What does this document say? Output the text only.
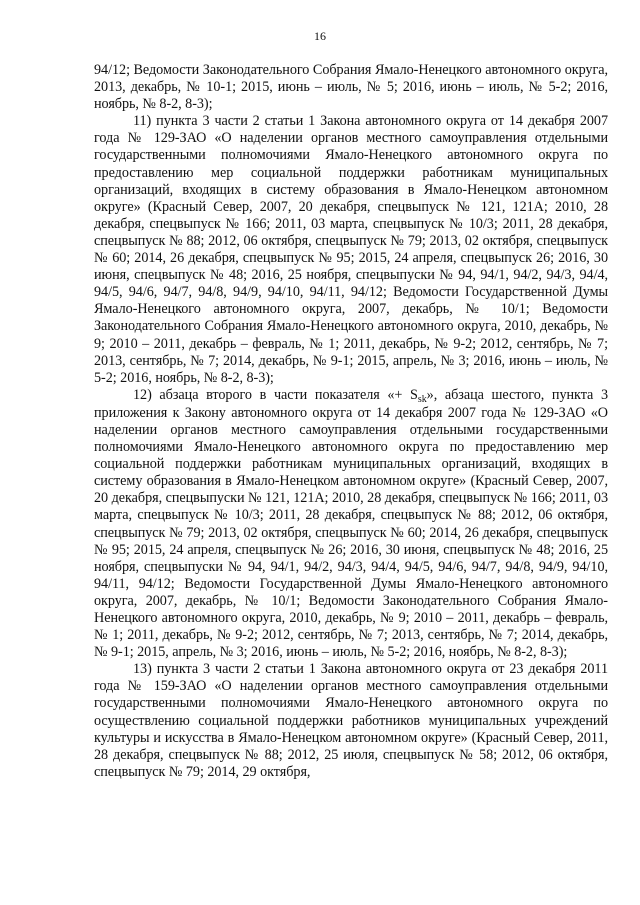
16

94/12; Ведомости Законодательного Собрания Ямало-Ненецкого автономного округа, 2013, декабрь, № 10-1; 2015, июнь – июль, № 5; 2016, июнь – июль, № 5-2; 2016, ноябрь, № 8-2, 8-3);

11) пункта 3 части 2 статьи 1 Закона автономного округа от 14 декабря 2007 года № 129-ЗАО «О наделении органов местного самоуправления отдельными государственными полномочиями Ямало-Ненецкого автономного округа по предоставлению мер социальной поддержки работникам муниципальных организаций, входящих в систему образования в Ямало-Ненецком автономном округе» (Красный Север, 2007, 20 декабря, спецвыпуск № 121, 121А; 2010, 28 декабря, спецвыпуск № 166; 2011, 03 марта, спецвыпуск № 10/3; 2011, 28 декабря, спецвыпуск № 88; 2012, 06 октября, спецвыпуск № 79; 2013, 02 октября, спецвыпуск № 60; 2014, 26 декабря, спецвыпуск № 95; 2015, 24 апреля, спецвыпуск 26; 2016, 30 июня, спецвыпуск № 48; 2016, 25 ноября, спецвыпуски № 94, 94/1, 94/2, 94/3, 94/4, 94/5, 94/6, 94/7, 94/8, 94/9, 94/10, 94/11, 94/12; Ведомости Государственной Думы Ямало-Ненецкого автономного округа, 2007, декабрь, № 10/1; Ведомости Законодательного Собрания Ямало-Ненецкого автономного округа, 2010, декабрь, № 9; 2010 – 2011, декабрь – февраль, № 1; 2011, декабрь, № 9-2; 2012, сентябрь, № 7; 2013, сентябрь, № 7; 2014, декабрь, № 9-1; 2015, апрель, № 3; 2016, июнь – июль, № 5-2; 2016, ноябрь, № 8-2, 8-3);

12) абзаца второго в части показателя «+ $S_{sk}$», абзаца шестого, пункта 3 приложения к Закону автономного округа от 14 декабря 2007 года № 129-ЗАО «О наделении органов местного самоуправления отдельными государственными полномочиями Ямало-Ненецкого автономного округа по предоставлению мер социальной поддержки работникам муниципальных организаций, входящих в систему образования в Ямало-Ненецком автономном округе» (Красный Север, 2007, 20 декабря, спецвыпуски № 121, 121А; 2010, 28 декабря, спецвыпуск № 166; 2011, 03 марта, спецвыпуск № 10/3; 2011, 28 декабря, спецвыпуск № 88; 2012, 06 октября, спецвыпуск № 79; 2013, 02 октября, спецвыпуск № 60; 2014, 26 декабря, спецвыпуск № 95; 2015, 24 апреля, спецвыпуск № 26; 2016, 30 июня, спецвыпуск № 48; 2016, 25 ноября, спецвыпуски № 94, 94/1, 94/2, 94/3, 94/4, 94/5, 94/6, 94/7, 94/8, 94/9, 94/10, 94/11, 94/12; Ведомости Государственной Думы Ямало-Ненецкого автономного округа, 2007, декабрь, № 10/1; Ведомости Законодательного Собрания Ямало-Ненецкого автономного округа, 2010, декабрь, № 9; 2010 – 2011, декабрь – февраль, № 1; 2011, декабрь, № 9-2; 2012, сентябрь, № 7; 2013, сентябрь, № 7; 2014, декабрь, № 9-1; 2015, апрель, № 3; 2016, июнь – июль, № 5-2; 2016, ноябрь, № 8-2, 8-3);

13) пункта 3 части 2 статьи 1 Закона автономного округа от 23 декабря 2011 года № 159-ЗАО «О наделении органов местного самоуправления отдельными государственными полномочиями Ямало-Ненецкого автономного округа по осуществлению социальной поддержки работников муниципальных учреждений культуры и искусства в Ямало-Ненецком автономном округе» (Красный Север, 2011, 28 декабря, спецвыпуск № 88; 2012, 25 июля, спецвыпуск № 58; 2012, 06 октября, спецвыпуск № 79; 2014, 29 октября,
